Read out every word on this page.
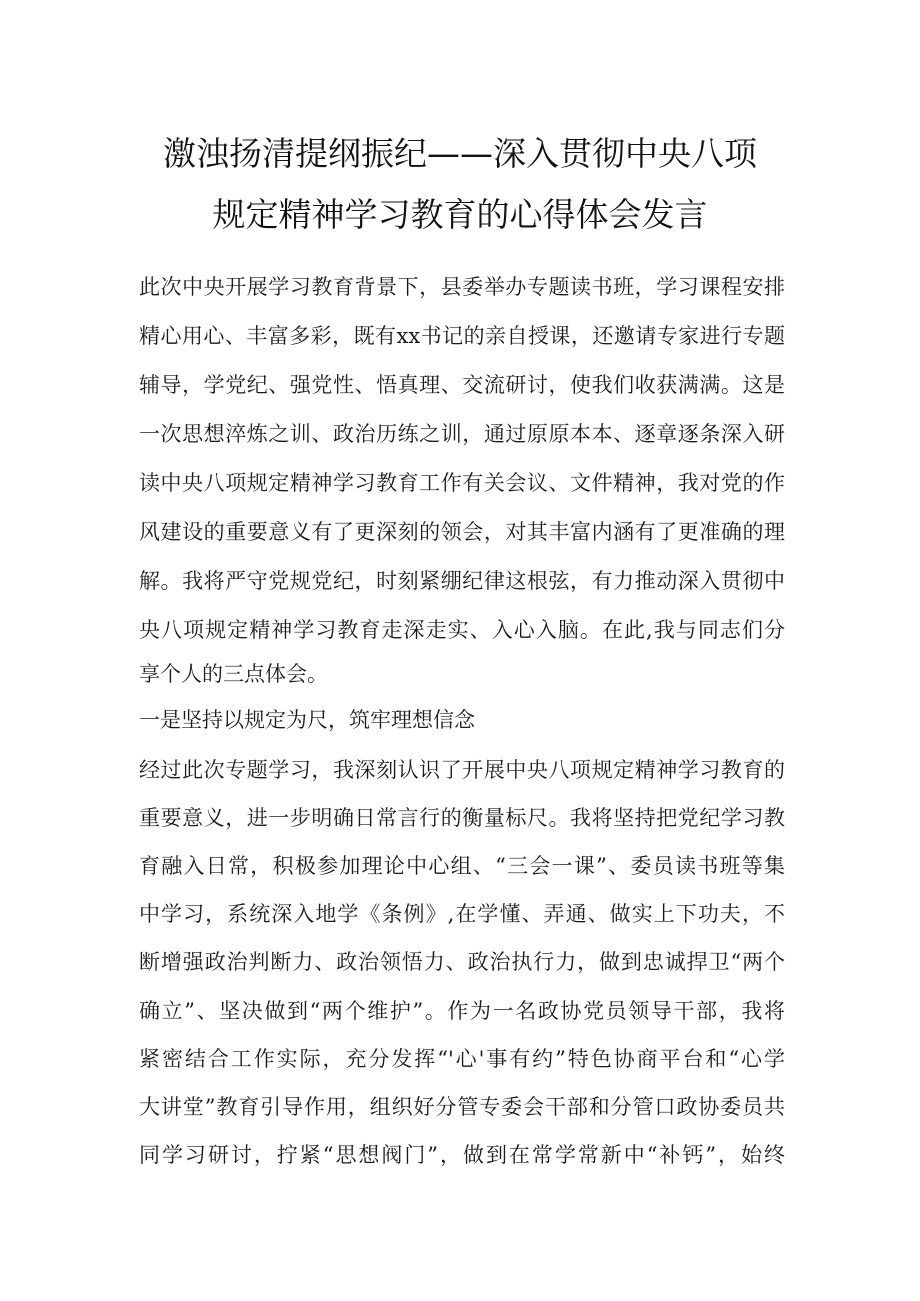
激浊扬清提纲振纪——深入贯彻中央八项
规定精神学习教育的心得体会发言
此次中央开展学习教育背景下，县委举办专题读书班，学习课程安排
精心用心、丰富多彩，既有xx书记的亲自授课，还邀请专家进行专题
辅导，学党纪、强党性、悟真理、交流研讨，使我们收获满满。这是
一次思想淬炼之训、政治历练之训，通过原原本本、逐章逐条深入研
读中央八项规定精神学习教育工作有关会议、文件精神，我对党的作
风建设的重要意义有了更深刻的领会，对其丰富内涵有了更准确的理
解。我将严守党规党纪，时刻紧绷纪律这根弦，有力推动深入贯彻中
央八项规定精神学习教育走深走实、入心入脑。在此,我与同志们分
享个人的三点体会。
一是坚持以规定为尺，筑牢理想信念
经过此次专题学习，我深刻认识了开展中央八项规定精神学习教育的
重要意义，进一步明确日常言行的衡量标尺。我将坚持把党纪学习教
育融入日常，积极参加理论中心组、“三会一课”、委员读书班等集
中学习，系统深入地学《条例》,在学懂、弄通、做实上下功夫，不
断增强政治判断力、政治领悟力、政治执行力，做到忠诚捍卫“两个
确立”、坚决做到“两个维护”。作为一名政协党员领导干部，我将
紧密结合工作实际，充分发挥“'心'事有约”特色协商平台和“心学
大讲堂”教育引导作用，组织好分管专委会干部和分管口政协委员共
同学习研讨，拧紧“思想阀门”，做到在常学常新中“补钙”，始终
